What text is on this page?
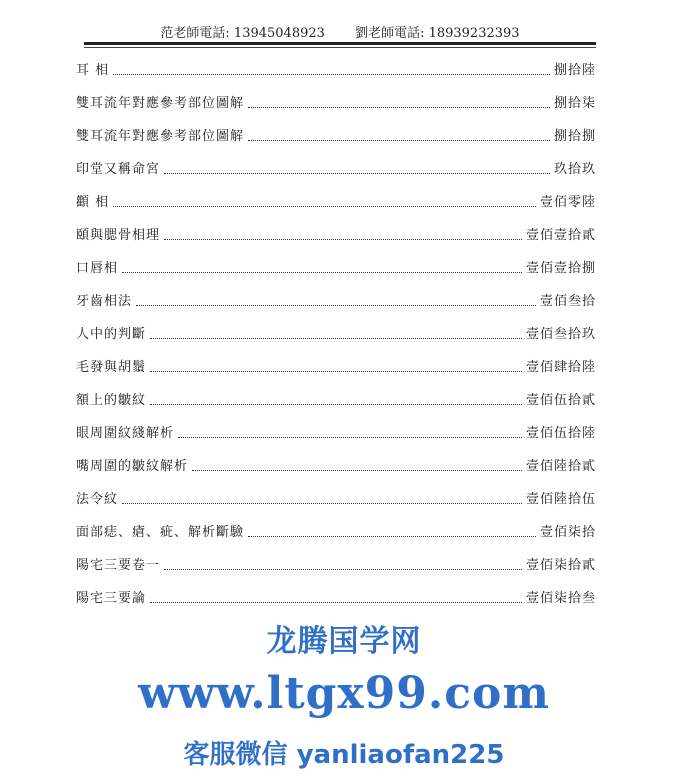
范老師電話: 13945048923 劉老師電話: 18939232393
耳 相	捌拾陸
雙耳流年對應參考部位圖解	捌拾柒
雙耳流年對應參考部位圖解	捌拾捌
印堂又稱命宮	玖拾玖
顴 相	壹佰零陸
頤與腮骨相理	壹佰壹拾貳
口唇相	壹佰壹拾捌
牙齒相法	壹佰叁拾
人中的判斷	壹佰叁拾玖
毛發與胡鬚	壹佰肆拾陸
額上的皺紋	壹佰伍拾貳
眼周圍紋綫解析	壹佰伍拾陸
嘴周圍的皺紋解析	壹佰陸拾貳
法令紋	壹佰陸拾伍
面部痣、瘡、疵、解析斷驗	壹佰柒拾
陽宅三要卷一	壹佰柒拾貳
陽宅三要論	壹佰柒拾叁
龙腾国学网
www.ltgx99.com
客服微信 yanliaofan225
